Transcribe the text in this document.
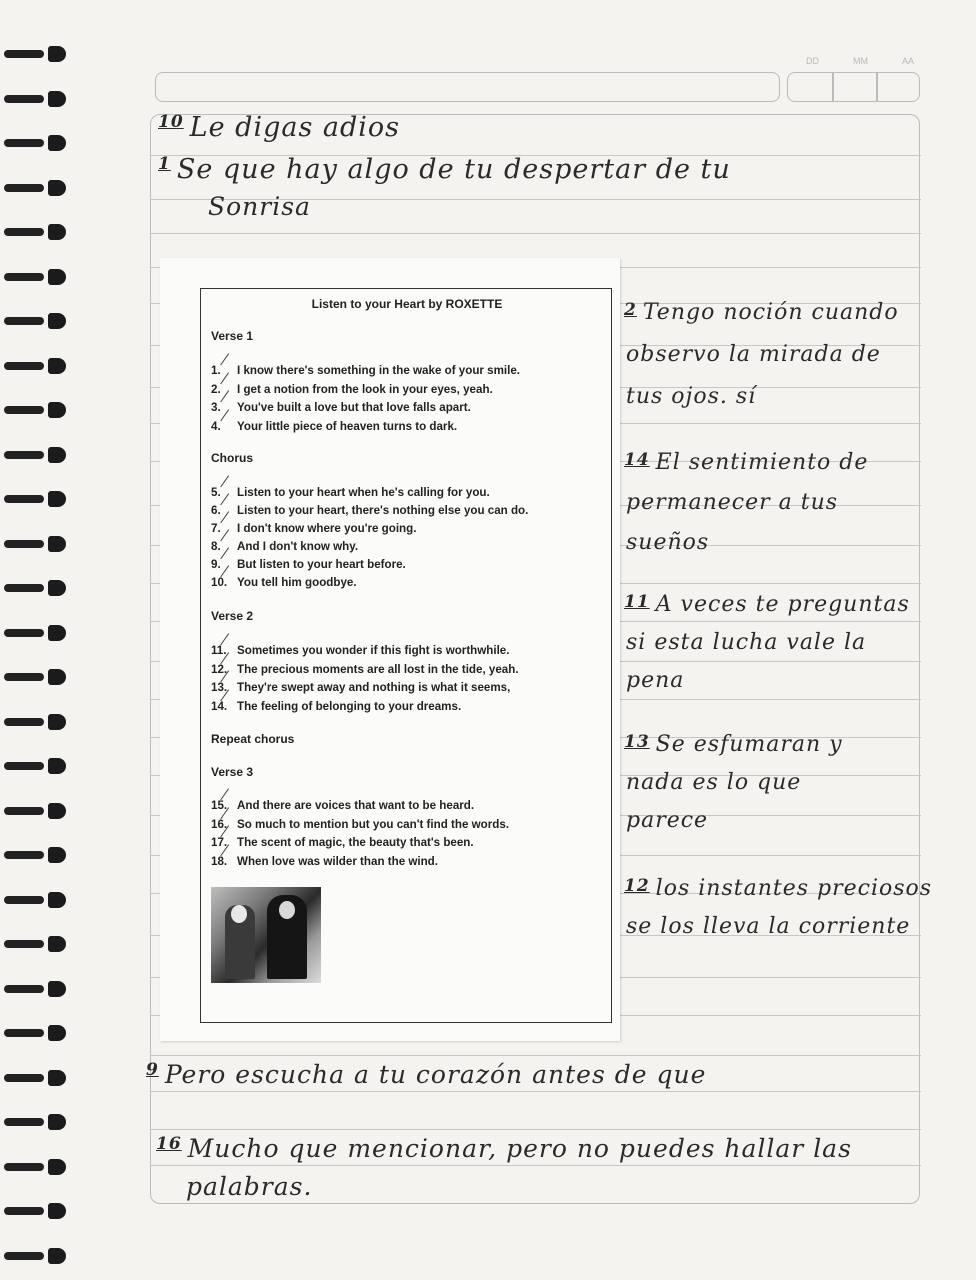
DD	MM	AA
$^{10}$ Le digas adios
$^1$ Se que hay algo de tu despertar de tu
Sonrisa
$^2$ Tengo noción cuando
observo la mirada de
tus ojos. sí
$^{14}$ El sentimiento de
permanecer a tus
sueños
$^{11}$ A veces te preguntas
si esta lucha vale la
pena
$^{13}$ Se esfumaran y
nada es lo que
parece
$^{12}$ los instantes preciosos
se los lleva la corriente
$^9$ Pero escucha a tu corazón antes de que
$^{16}$ Mucho que mencionar, pero no puedes hallar las
palabras.
Listen to your Heart by ROXETTE
Verse 1
1. I know there's something in the wake of your smile.
2. I get a notion from the look in your eyes, yeah.
3. You've built a love but that love falls apart.
4. Your little piece of heaven turns to dark.
Chorus
5. Listen to your heart when he's calling for you.
6. Listen to your heart, there's nothing else you can do.
7. I don't know where you're going.
8. And I don't know why.
9. But listen to your heart before.
10. You tell him goodbye.
Verse 2
11. Sometimes you wonder if this fight is worthwhile.
12. The precious moments are all lost in the tide, yeah.
13. They're swept away and nothing is what it seems,
14. The feeling of belonging to your dreams.
Repeat chorus
Verse 3
15. And there are voices that want to be heard.
16. So much to mention but you can't find the words.
17. The scent of magic, the beauty that's been.
18. When love was wilder than the wind.
